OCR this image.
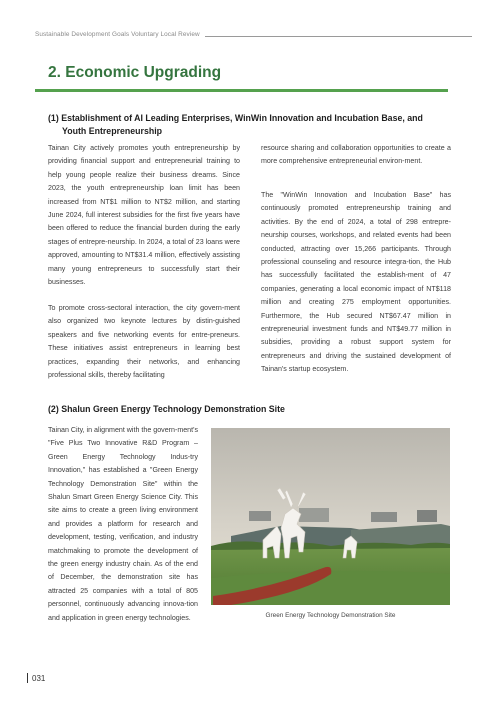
Sustainable Development Goals Voluntary Local Review
2. Economic Upgrading
(1) Establishment of AI Leading Enterprises, WinWin Innovation and Incubation Base, and
Youth Entrepreneurship

Tainan City actively promotes youth entrepreneurship by providing financial support and entrepreneurial training to help young people realize their business dreams. Since 2023, the youth entrepreneurship loan limit has been increased from NT$1 million to NT$2 million, and starting June 2024, full interest subsidies for the first five years have been offered to reduce the financial burden during the early stages of entrepre-neurship. In 2024, a total of 23 loans were approved, amounting to NT$31.4 million, effectively assisting many young entrepreneurs to successfully start their businesses.

To promote cross-sectoral interaction, the city govern-ment also organized two keynote lectures by distin-guished speakers and five networking events for entre-preneurs. These initiatives assist entrepreneurs in learning best practices, expanding their networks, and enhancing professional skills, thereby facilitating

resource sharing and collaboration opportunities to create a more comprehensive entrepreneurial environ-ment.

The "WinWin Innovation and Incubation Base" has continuously promoted entrepreneurship training and activities. By the end of 2024, a total of 298 entrepre-neurship courses, workshops, and related events had been conducted, attracting over 15,266 participants. Through professional counseling and resource integra-tion, the Hub has successfully facilitated the establish-ment of 47 companies, generating a local economic impact of NT$118 million and creating 275 employment opportunities. Furthermore, the Hub secured NT$67.47 million in entrepreneurial investment funds and NT$49.77 million in subsidies, providing a robust support system for entrepreneurs and driving the sustained development of Tainan's startup ecosystem.

(2) Shalun Green Energy Technology Demonstration Site

Tainan City, in alignment with the govern-ment's "Five Plus Two Innovative R&D Program – Green Energy Technology Indus-try Innovation," has established a "Green Energy Technology Demonstration Site" within the Shalun Smart Green Energy Science City. This site aims to create a green living environment and provides a platform for research and development, testing, verification, and industry matchmaking to promote the development of the green energy industry chain. As of the end of December, the demonstration site has attracted 25 companies with a total of 805 personnel, continuously advancing innova-tion and application in green energy technologies.	Green Energy Technology Demonstration Site
031
